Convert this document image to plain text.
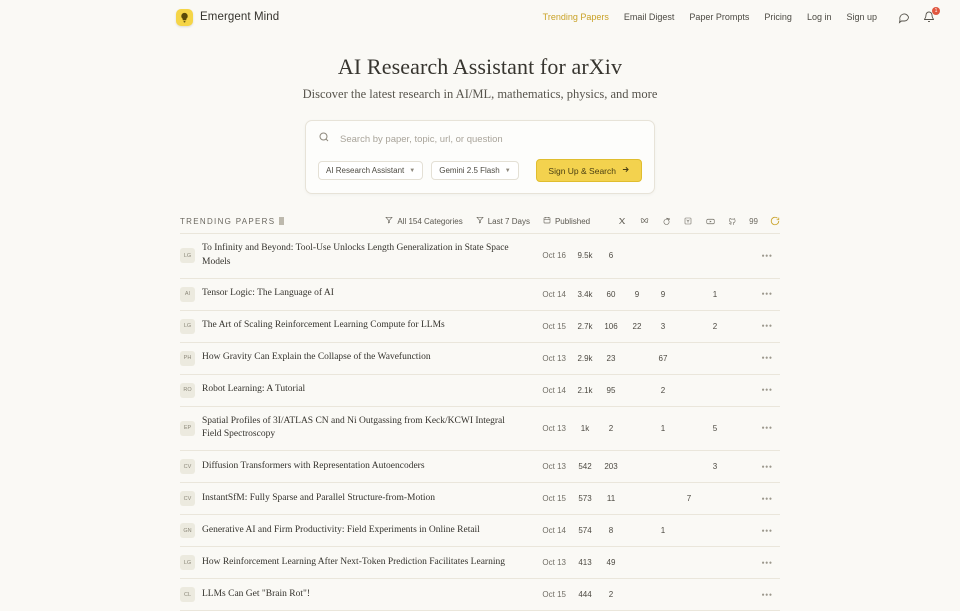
Emergent Mind	Trending Papers Email Digest Paper Prompts Pricing Log in Sign up
1
AI Research Assistant for arXiv

Discover the latest research in AI/ML, mathematics, physics, and more

Search by paper, topic, url, or question
AI Research Assistant ▼	Gemini 2.5 Flash ▼	Sign Up & Search
TRENDING PAPERS	All 154 Categories	Last 7 Days	Published	99
LG	To Infinity and Beyond: Tool-Use Unlocks Length Generalization in State Space Models	Oct 16	9.5k	6						•••

AI	Tensor Logic: The Language of AI	Oct 14	3.4k	60	9	9		1		•••

LG	The Art of Scaling Reinforcement Learning Compute for LLMs	Oct 15	2.7k	106	22	3		2		•••

PH	How Gravity Can Explain the Collapse of the Wavefunction	Oct 13	2.9k	23		67				•••

RO	Robot Learning: A Tutorial	Oct 14	2.1k	95		2				•••

EP	Spatial Profiles of 3I/ATLAS CN and Ni Outgassing from Keck/KCWI Integral Field Spectroscopy	Oct 13	1k	2		1		5		•••

CV	Diffusion Transformers with Representation Autoencoders	Oct 13	542	203				3		•••

CV	InstantSfM: Fully Sparse and Parallel Structure-from-Motion	Oct 15	573	11			7			•••

GN	Generative AI and Firm Productivity: Field Experiments in Online Retail	Oct 14	574	8		1				•••

LG	How Reinforcement Learning After Next-Token Prediction Facilitates Learning	Oct 13	413	49						•••

CL	LLMs Can Get "Brain Rot"!	Oct 15	444	2						•••
